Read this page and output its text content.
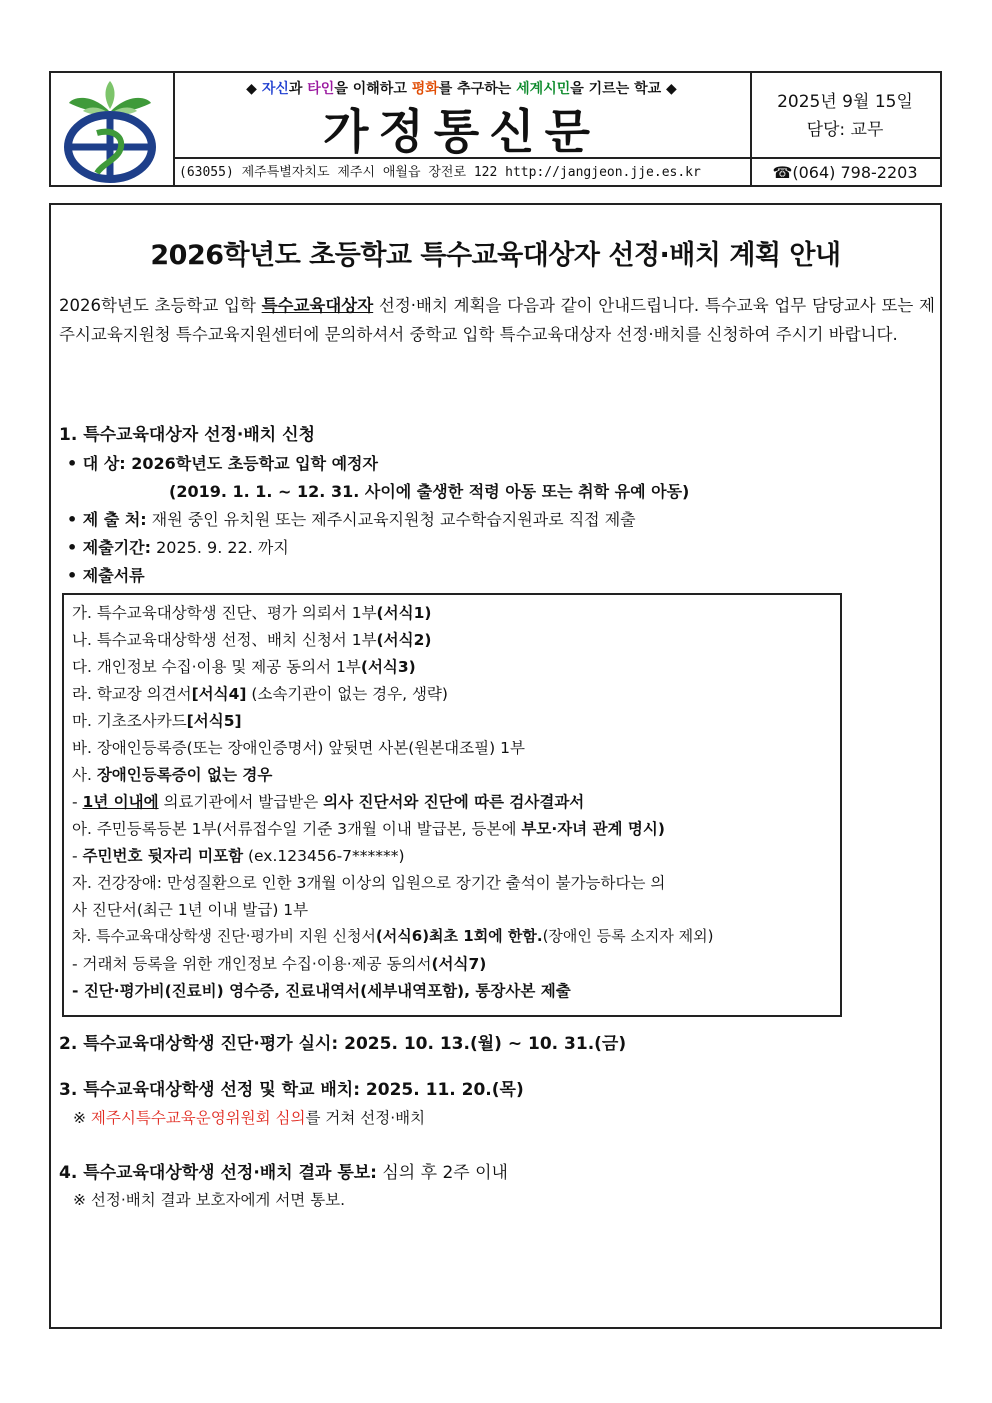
◆ 자신과 타인을 이해하고 평화를 추구하는 세계시민을 기르는 학교 ◆
가정통신문
(63055) 제주특별자치도 제주시 애월읍 장전로 122 http://jangjeon.jje.es.kr
2025년 9월 15일
담당: 교무
☎(064) 798-2203
2026학년도 초등학교 특수교육대상자 선정·배치 계획 안내
2026학년도 초등학교 입학 특수교육대상자 선정·배치 계획을 다음과 같이 안내드립니다. 특수교육 업무 담당교사 또는 제주시교육지원청 특수교육지원센터에 문의하셔서 중학교 입학 특수교육대상자 선정·배치를 신청하여 주시기 바랍니다.
1. 특수교육대상자 선정·배치 신청
• 대 상: 2026학년도 초등학교 입학 예정자
(2019. 1. 1. ~ 12. 31. 사이에 출생한 적령 아동 또는 취학 유예 아동)
• 제 출 처: 재원 중인 유치원 또는 제주시교육지원청 교수학습지원과로 직접 제출
• 제출기간: 2025. 9. 22. 까지
• 제출서류
가. 특수교육대상학생 진단、평가 의뢰서 1부(서식1)
나. 특수교육대상학생 선정、배치 신청서 1부(서식2)
다. 개인정보 수집·이용 및 제공 동의서 1부(서식3)
라. 학교장 의견서[서식4] (소속기관이 없는 경우, 생략)
마. 기초조사카드[서식5]
바. 장애인등록증(또는 장애인증명서) 앞뒷면 사본(원본대조필) 1부
사. 장애인등록증이 없는 경우
- 1년 이내에 의료기관에서 발급받은 의사 진단서와 진단에 따른 검사결과서
아. 주민등록등본 1부(서류접수일 기준 3개월 이내 발급본, 등본에 부모·자녀 관계 명시)
- 주민번호 뒷자리 미포함 (ex.123456-7******)
자. 건강장애: 만성질환으로 인한 3개월 이상의 입원으로 장기간 출석이 불가능하다는 의
사 진단서(최근 1년 이내 발급) 1부
차. 특수교육대상학생 진단·평가비 지원 신청서(서식6)최초 1회에 한함.(장애인 등록 소지자 제외)
- 거래처 등록을 위한 개인정보 수집·이용·제공 동의서(서식7)
- 진단·평가비(진료비) 영수증, 진료내역서(세부내역포함), 통장사본 제출
2. 특수교육대상학생 진단·평가 실시: 2025. 10. 13.(월) ~ 10. 31.(금)
3. 특수교육대상학생 선정 및 학교 배치: 2025. 11. 20.(목)
※ 제주시특수교육운영위원회 심의를 거쳐 선정·배치
4. 특수교육대상학생 선정·배치 결과 통보: 심의 후 2주 이내
※ 선정·배치 결과 보호자에게 서면 통보.
